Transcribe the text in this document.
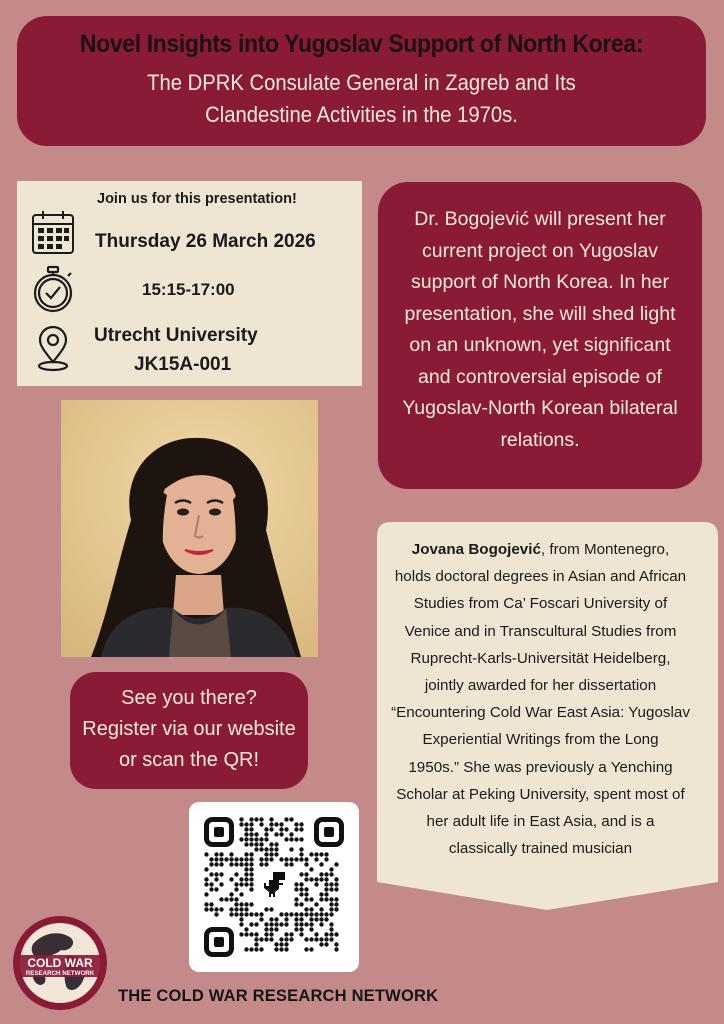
Novel Insights into Yugoslav Support of North Korea:
The DPRK Consulate General in Zagreb and Its
Clandestine Activities in the 1970s.
Join us for this presentation!
Thursday 26 March 2026
15:15-17:00
Utrecht University
JK15A-001
Dr. Bogojević will present her
current project on Yugoslav
support of North Korea. In her
presentation, she will shed light
on an unknown, yet significant
and controversial episode of
Yugoslav-North Korean bilateral
relations.
See you there?
Register via our website
or scan the QR!
Jovana Bogojević, from Montenegro,
holds doctoral degrees in Asian and African
Studies from Ca’ Foscari University of
Venice and in Transcultural Studies from
Ruprecht-Karls-Universität Heidelberg,
jointly awarded for her dissertation
“Encountering Cold War East Asia: Yugoslav
Experiential Writings from the Long
1950s.” She was previously a Yenching
Scholar at Peking University, spent most of
her adult life in East Asia, and is a
classically trained musician
COLD WAR
RESEARCH NETWORK
THE COLD WAR RESEARCH NETWORK
